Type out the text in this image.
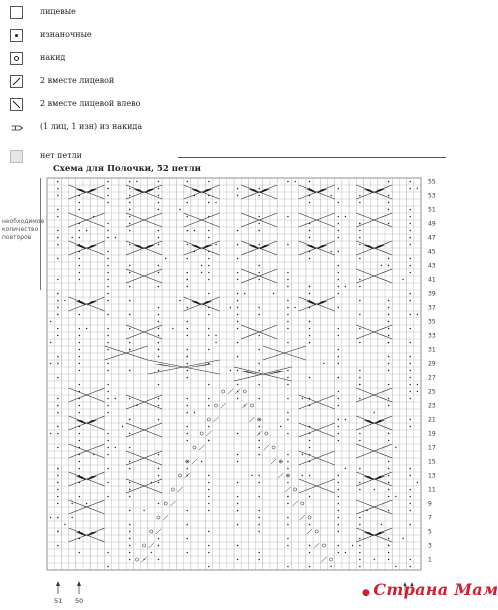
лицевые
изнаночные
накид
2 вместе лицевой
2 вместе лицевой влево
(1 лиц, 1 изн) из накида
нет петли
Схема для Полочки, 52 петли
необходимое количество повторов
55
53
51
49
47
45
43
41
39
37
35
33
31
29
27
25
23
21
19
17
15
13
11
9
7
5
3
1
51 50
● Страна Мам
